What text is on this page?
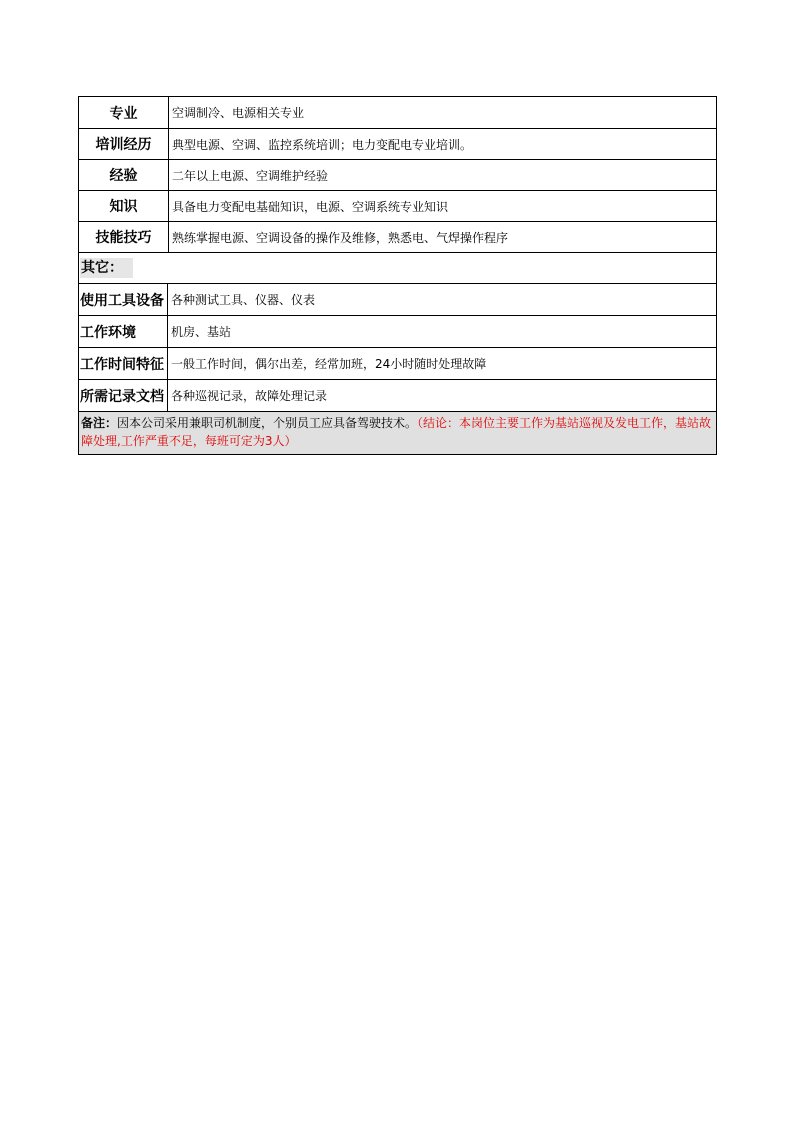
专业	空调制冷、电源相关专业
培训经历	典型电源、空调、监控系统培训；电力变配电专业培训。
经验	二年以上电源、空调维护经验
知识	具备电力变配电基础知识，电源、空调系统专业知识
技能技巧	熟练掌握电源、空调设备的操作及维修，熟悉电、气焊操作程序
其它：
使用工具设备 各种测试工具、仪器、仪表
工作环境	机房、基站
工作时间特征 一般工作时间，偶尔出差，经常加班，24小时随时处理故障
所需记录文档 各种巡视记录，故障处理记录
备注：因本公司采用兼职司机制度，个别员工应具备驾驶技术。（结论：本岗位主要工作为基站巡视及发电工作，基站故障处理,工作严重不足，每班可定为3人）
